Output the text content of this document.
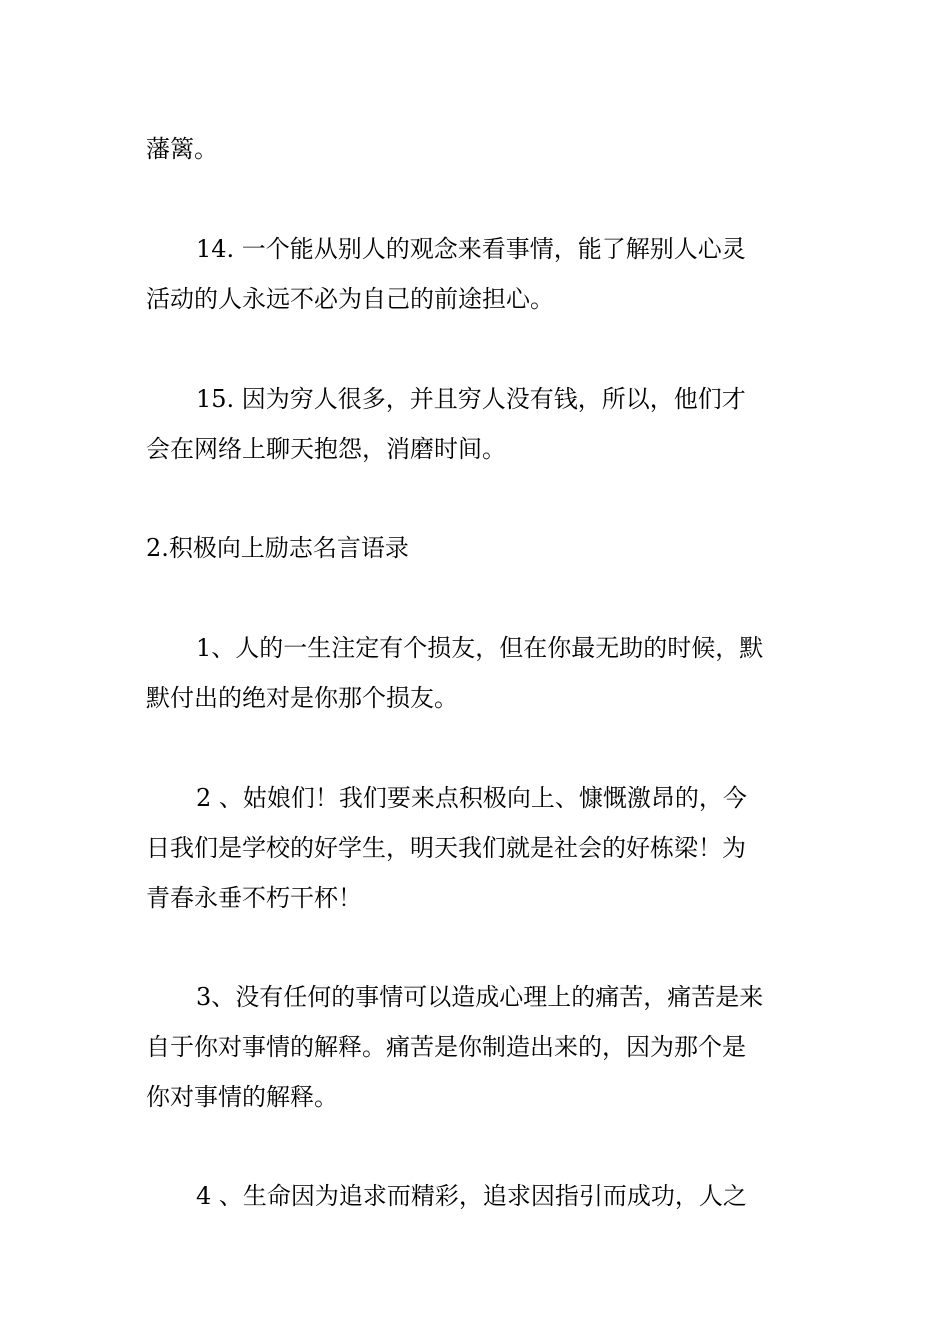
藩篱。

14. 一个能从别人的观念来看事情，能了解别人心灵
活动的人永远不必为自己的前途担心。

15. 因为穷人很多，并且穷人没有钱，所以，他们才
会在网络上聊天抱怨，消磨时间。

2.积极向上励志名言语录

1、人的一生注定有个损友，但在你最无助的时候，默
默付出的绝对是你那个损友。

2 、姑娘们！我们要来点积极向上、慷慨激昂的，今
日我们是学校的好学生，明天我们就是社会的好栋梁！为
青春永垂不朽干杯！

3、没有任何的事情可以造成心理上的痛苦，痛苦是来
自于你对事情的解释。痛苦是你制造出来的，因为那个是
你对事情的解释。

4 、生命因为追求而精彩，追求因指引而成功，人之
